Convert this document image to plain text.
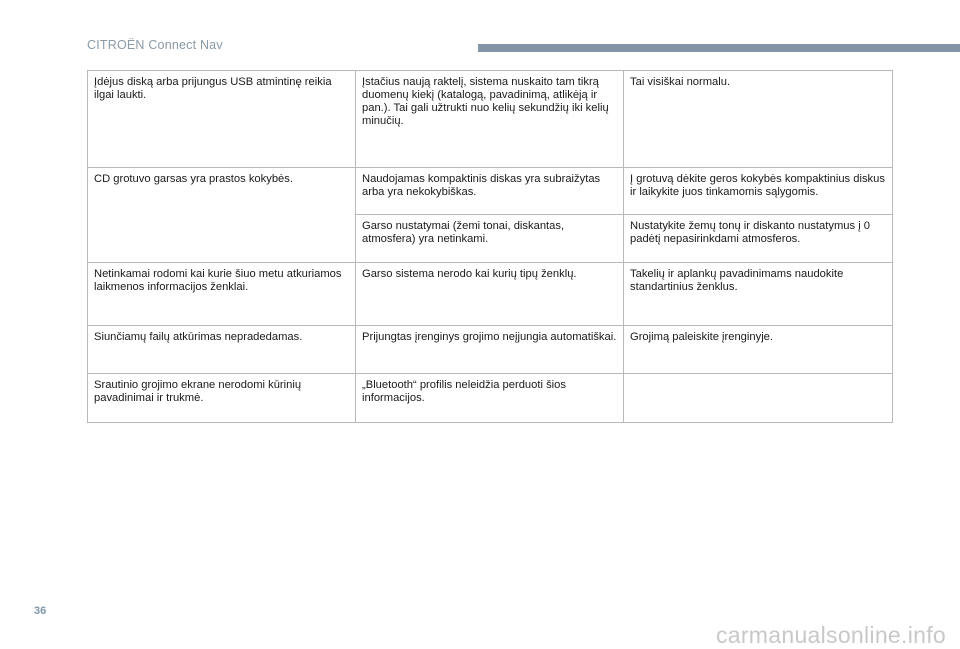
CITROËN Connect Nav
Įdėjus diską arba prijungus USB atmintinę reikia ilgai laukti.	Įstačius naują raktelį, sistema nuskaito tam tikrą duomenų kiekį (katalogą, pavadinimą, atlikėją ir pan.). Tai gali užtrukti nuo kelių sekundžių iki kelių minučių.	Tai visiškai normalu.
CD grotuvo garsas yra prastos kokybės.	Naudojamas kompaktinis diskas yra subraižytas arba yra nekokybiškas.	Į grotuvą dėkite geros kokybės kompaktinius diskus ir laikykite juos tinkamomis sąlygomis.
	Garso nustatymai (žemi tonai, diskantas, atmosfera) yra netinkami.	Nustatykite žemų tonų ir diskanto nustatymus į 0 padėtį nepasirinkdami atmosferos.
Netinkamai rodomi kai kurie šiuo metu atkuriamos laikmenos informacijos ženklai.	Garso sistema nerodo kai kurių tipų ženklų.	Takelių ir aplankų pavadinimams naudokite standartinius ženklus.
Siunčiamų failų atkūrimas nepradedamas.	Prijungtas įrenginys grojimo neįjungia automatiškai.	Grojimą paleiskite įrenginyje.
Srautinio grojimo ekrane nerodomi kūrinių pavadinimai ir trukmė.	„Bluetooth“ profilis neleidžia perduoti šios informacijos.	
36
carmanualsonline.info
